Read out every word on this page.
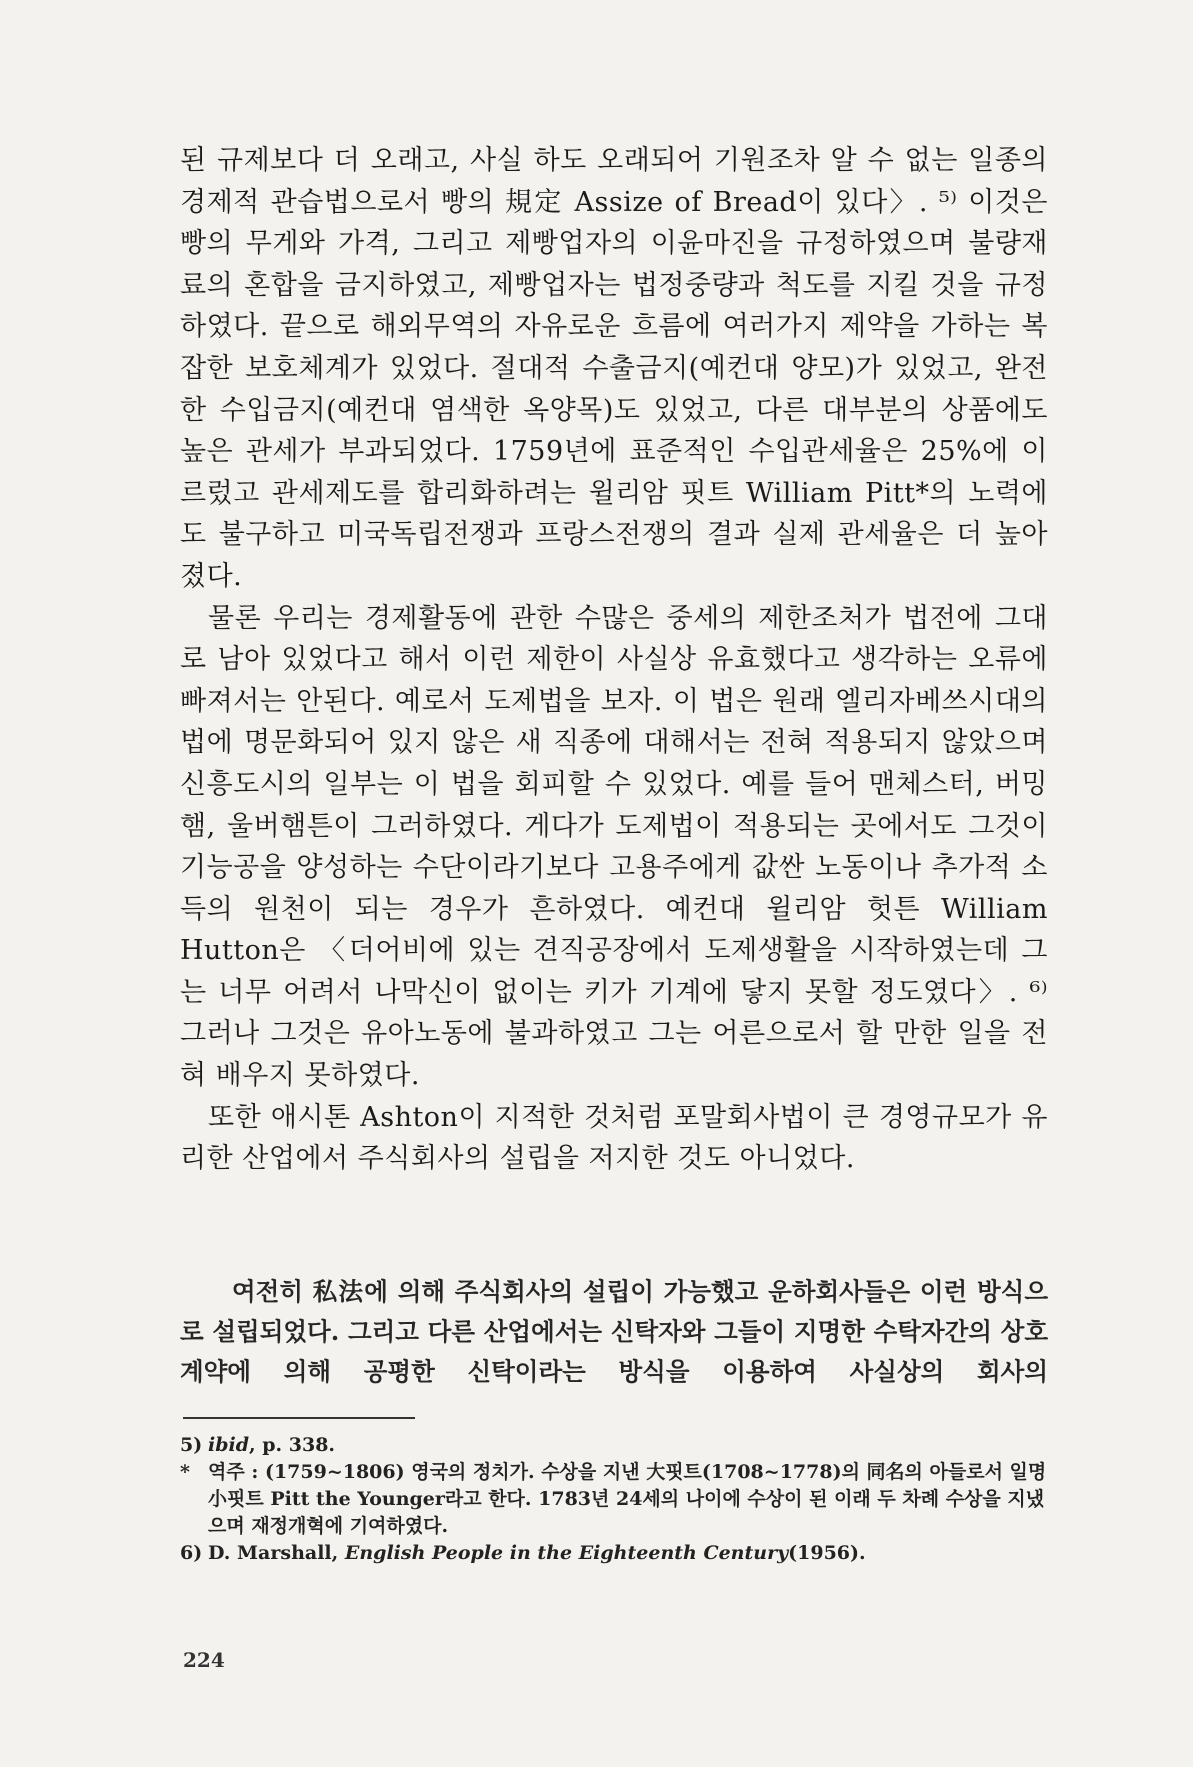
된 규제보다 더 오래고, 사실 하도 오래되어 기원조차 알 수 없는 일종의 경제적 관습법으로서 빵의 規定 Assize of Bread이 있다〉. ⁵⁾ 이것은 빵의 무게와 가격, 그리고 제빵업자의 이윤마진을 규정하였으며 불량재료의 혼합을 금지하였고, 제빵업자는 법정중량과 척도를 지킬 것을 규정하였다. 끝으로 해외무역의 자유로운 흐름에 여러가지 제약을 가하는 복잡한 보호체계가 있었다. 절대적 수출금지(예컨대 양모)가 있었고, 완전한 수입금지(예컨대 염색한 옥양목)도 있었고, 다른 대부분의 상품에도 높은 관세가 부과되었다. 1759년에 표준적인 수입관세율은 25%에 이르렀고 관세제도를 합리화하려는 윌리암 핏트 William Pitt*의 노력에도 불구하고 미국독립전쟁과 프랑스전쟁의 결과 실제 관세율은 더 높아졌다.

물론 우리는 경제활동에 관한 수많은 중세의 제한조처가 법전에 그대로 남아 있었다고 해서 이런 제한이 사실상 유효했다고 생각하는 오류에 빠져서는 안된다. 예로서 도제법을 보자. 이 법은 원래 엘리자베쓰시대의 법에 명문화되어 있지 않은 새 직종에 대해서는 전혀 적용되지 않았으며 신흥도시의 일부는 이 법을 회피할 수 있었다. 예를 들어 맨체스터, 버밍햄, 울버햄튼이 그러하였다. 게다가 도제법이 적용되는 곳에서도 그것이 기능공을 양성하는 수단이라기보다 고용주에게 값싼 노동이나 추가적 소득의 원천이 되는 경우가 흔하였다. 예컨대 윌리암 헛튼 William Hutton은 〈더어비에 있는 견직공장에서 도제생활을 시작하였는데 그는 너무 어려서 나막신이 없이는 키가 기계에 닿지 못할 정도였다〉. ⁶⁾ 그러나 그것은 유아노동에 불과하였고 그는 어른으로서 할 만한 일을 전혀 배우지 못하였다.

또한 애시톤 Ashton이 지적한 것처럼 포말회사법이 큰 경영규모가 유리한 산업에서 주식회사의 설립을 저지한 것도 아니었다.

여전히 私法에 의해 주식회사의 설립이 가능했고 운하회사들은 이런 방식으로 설립되었다. 그리고 다른 산업에서는 신탁자와 그들이 지명한 수탁자간의 상호계약에 의해 공평한 신탁이라는 방식을 이용하여 사실상의 회사의

5) ibid, p. 338.
* 역주 : (1759~1806) 영국의 정치가. 수상을 지낸 大핏트(1708~1778)의 同名의 아들로서 일명 小핏트 Pitt the Younger라고 한다. 1783년 24세의 나이에 수상이 된 이래 두 차례 수상을 지냈으며 재정개혁에 기여하였다.
6) D. Marshall, English People in the Eighteenth Century(1956).
224
